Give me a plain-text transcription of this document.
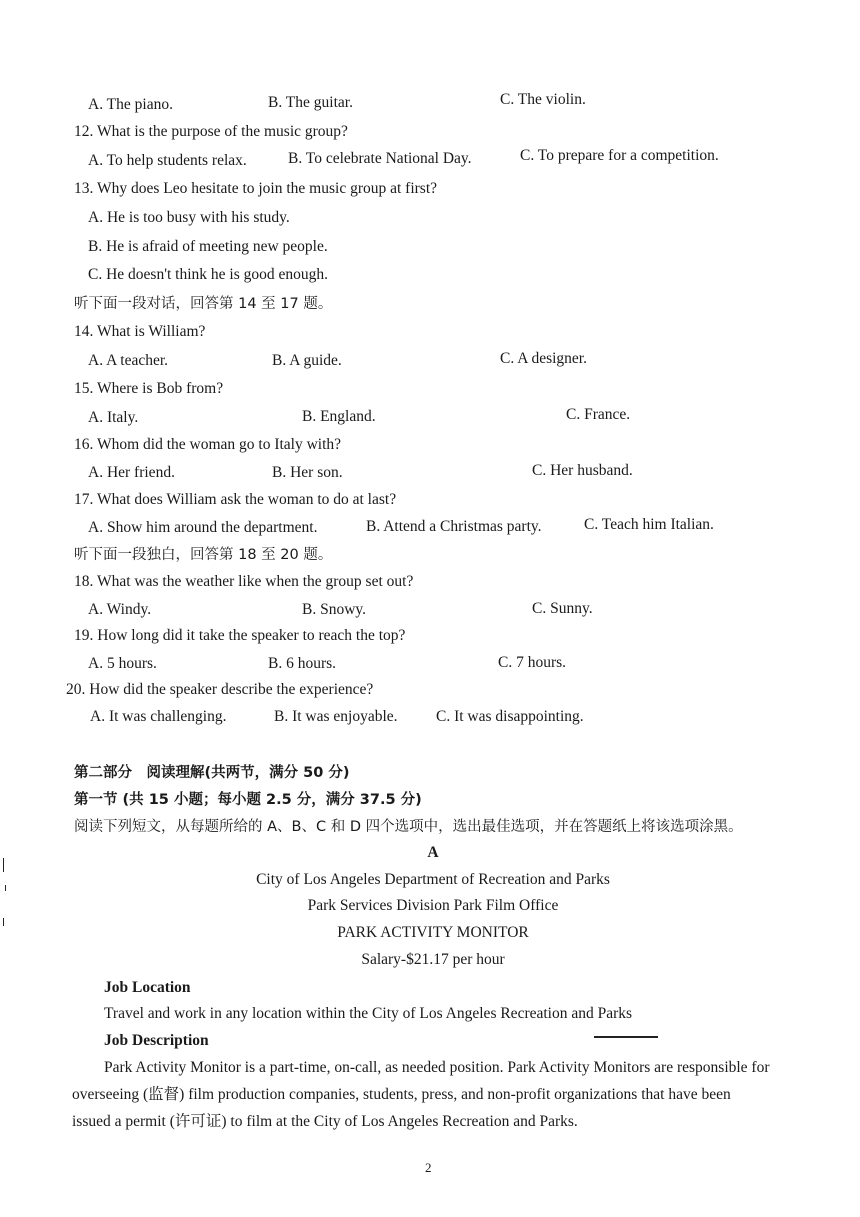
A. The piano.	B. The guitar.	C. The violin.
12. What is the purpose of the music group?
A. To help students relax.	B. To celebrate National Day.	C. To prepare for a competition.
13. Why does Leo hesitate to join the music group at first?
A. He is too busy with his study.
B. He is afraid of meeting new people.
C. He doesn't think he is good enough.
听下面一段对话，回答第 14 至 17 题。
14. What is William?
A. A teacher.	B. A guide.	C. A designer.
15. Where is Bob from?
A. Italy.	B. England.	C. France.
16. Whom did the woman go to Italy with?
A. Her friend.	B. Her son.	C. Her husband.
17. What does William ask the woman to do at last?
A. Show him around the department.	B. Attend a Christmas party.	C. Teach him Italian.
听下面一段独白，回答第 18 至 20 题。
18. What was the weather like when the group set out?
A. Windy.	B. Snowy.	C. Sunny.
19. How long did it take the speaker to reach the top?
A. 5 hours.	B. 6 hours.	C. 7 hours.
20. How did the speaker describe the experience?
A. It was challenging.	B. It was enjoyable. C. It was disappointing.
第二部分　阅读理解(共两节，满分 50 分)
第一节 (共 15 小题；每小题 2.5 分，满分 37.5 分)
阅读下列短文，从每题所给的 A、B、C 和 D 四个选项中，选出最佳选项，并在答题纸上将该选项涂黑。
A
City of Los Angeles Department of Recreation and Parks
Park Services Division Park Film Office
PARK ACTIVITY MONITOR
Salary-$21.17 per hour
Job Location
Travel and work in any location within the City of Los Angeles Recreation and Parks
Job Description
Park Activity Monitor is a part-time, on-call, as needed position. Park Activity Monitors are responsible for
overseeing (监督) film production companies, students, press, and non-profit organizations that have been
issued a permit (许可证) to film at the City of Los Angeles Recreation and Parks.
2
